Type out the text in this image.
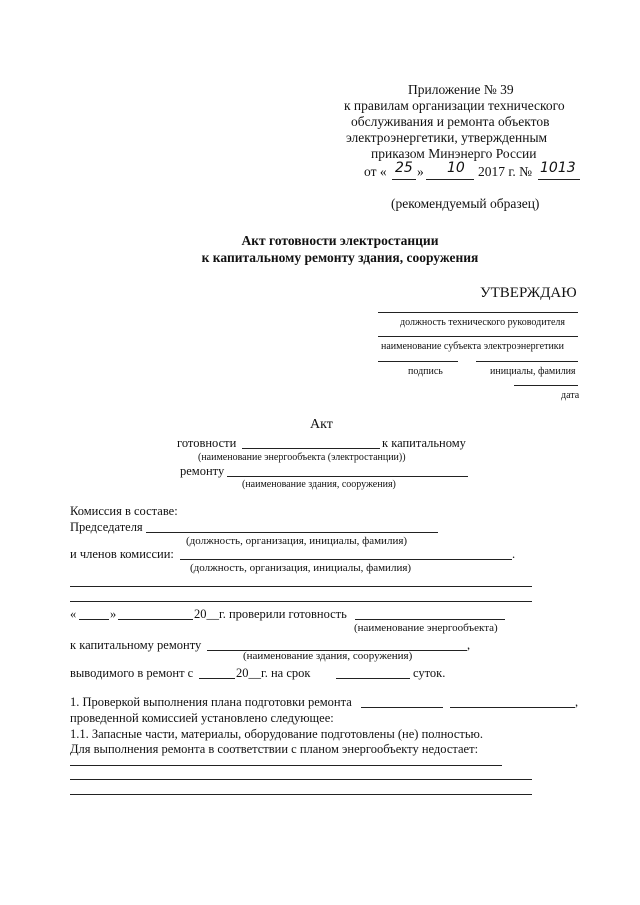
Приложение № 39
к правилам организации технического
обслуживания и ремонта объектов
электроэнергетики, утвержденным
приказом Минэнерго России
от « 25 » 10 2017 г. № 1013
(рекомендуемый образец)
Акт готовности электростанции
к капитальному ремонту здания, сооружения
УТВЕРЖДАЮ
должность технического руководителя
наименование субъекта электроэнергетики
подпись	инициалы, фамилия
дата
Акт
готовности	к капитальному
(наименование энергообъекта (электростанции))
ремонту
(наименование здания, сооружения)
Комиссия в составе:
Председателя
(должность, организация, инициалы, фамилия)
и членов комиссии:	.
(должность, организация, инициалы, фамилия)
«	»	20__г. проверили готовность
(наименование энергообъекта)
к капитальному ремонту	,
(наименование здания, сооружения)
выводимого в ремонт с	20__г. на срок	суток.
1. Проверкой выполнения плана подготовки ремонта	,
проведенной комиссией установлено следующее:
1.1. Запасные части, материалы, оборудование подготовлены (не) полностью.
Для выполнения ремонта в соответствии с планом энергообъекту недостает:
